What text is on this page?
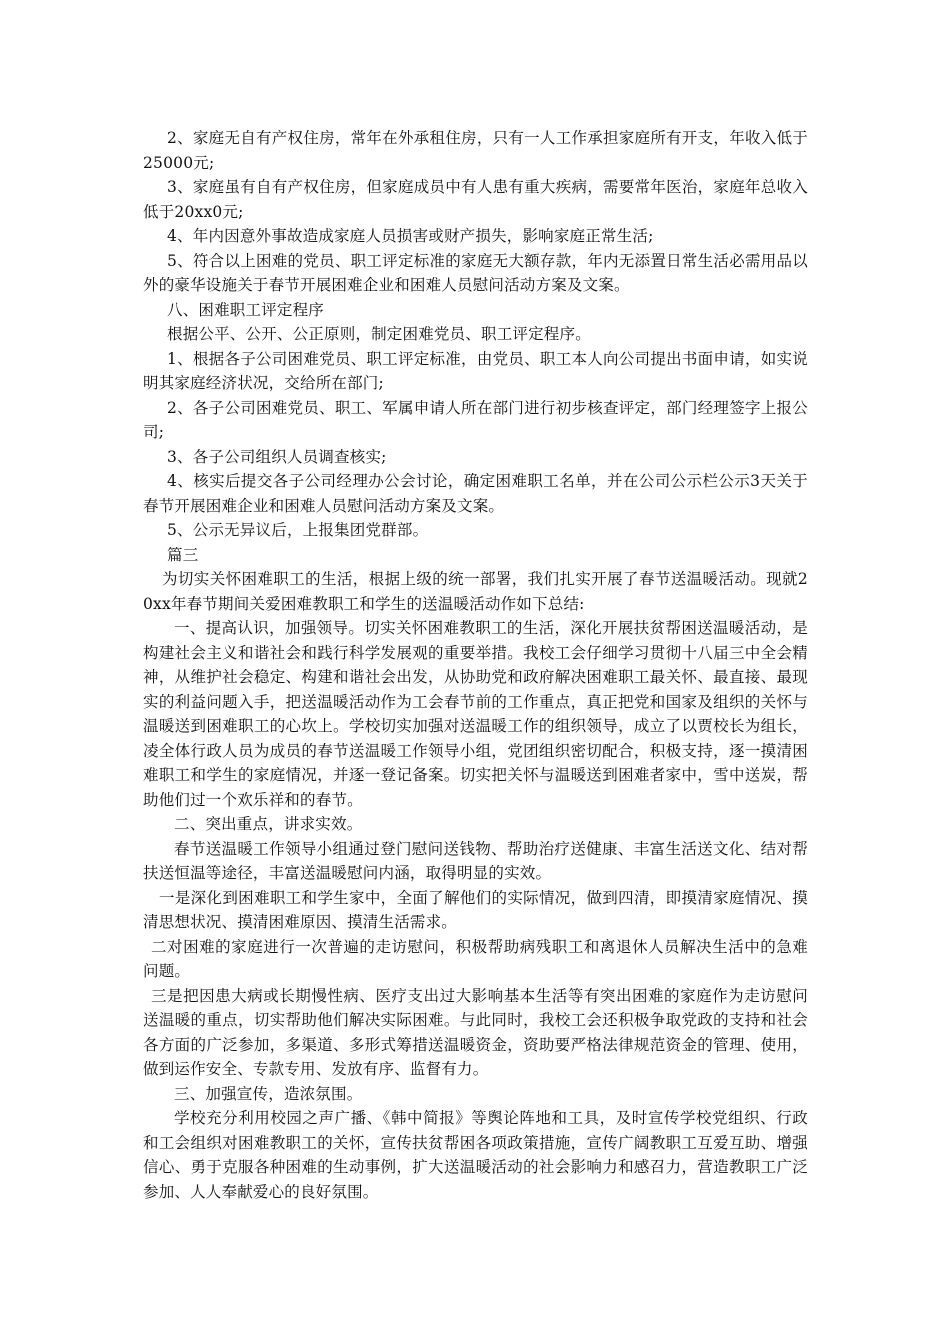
2、家庭无自有产权住房，常年在外承租住房，只有一人工作承担家庭所有开支，年收入低于25000元;

3、家庭虽有自有产权住房，但家庭成员中有人患有重大疾病，需要常年医治，家庭年总收入低于20xx0元;

4、年内因意外事故造成家庭人员损害或财产损失，影响家庭正常生活;

5、符合以上困难的党员、职工评定标准的家庭无大额存款，年内无添置日常生活必需用品以外的豪华设施关于春节开展困难企业和困难人员慰问活动方案及文案。

八、困难职工评定程序

根据公平、公开、公正原则，制定困难党员、职工评定程序。

1、根据各子公司困难党员、职工评定标准，由党员、职工本人向公司提出书面申请，如实说明其家庭经济状况，交给所在部门;

2、各子公司困难党员、职工、军属申请人所在部门进行初步核查评定，部门经理签字上报公司;

3、各子公司组织人员调查核实;

4、核实后提交各子公司经理办公会讨论，确定困难职工名单，并在公司公示栏公示3天关于春节开展困难企业和困难人员慰问活动方案及文案。

5、公示无异议后，上报集团党群部。

篇三

为切实关怀困难职工的生活，根据上级的统一部署，我们扎实开展了春节送温暖活动。现就20xx年春节期间关爱困难教职工和学生的送温暖活动作如下总结:

一、提高认识，加强领导。切实关怀困难教职工的生活，深化开展扶贫帮困送温暖活动，是构建社会主义和谐社会和践行科学发展观的重要举措。我校工会仔细学习贯彻十八届三中全会精神，从维护社会稳定、构建和谐社会出发，从协助党和政府解决困难职工最关怀、最直接、最现实的利益问题入手，把送温暖活动作为工会春节前的工作重点，真正把党和国家及组织的关怀与温暖送到困难职工的心坎上。学校切实加强对送温暖工作的组织领导，成立了以贾校长为组长，凌全体行政人员为成员的春节送温暖工作领导小组，党团组织密切配合，积极支持，逐一摸清困难职工和学生的家庭情况，并逐一登记备案。切实把关怀与温暖送到困难者家中，雪中送炭，帮助他们过一个欢乐祥和的春节。

二、突出重点，讲求实效。

春节送温暖工作领导小组通过登门慰问送钱物、帮助治疗送健康、丰富生活送文化、结对帮扶送恒温等途径，丰富送温暖慰问内涵，取得明显的实效。

一是深化到困难职工和学生家中，全面了解他们的实际情况，做到四清，即摸清家庭情况、摸清思想状况、摸清困难原因、摸清生活需求。

二对困难的家庭进行一次普遍的走访慰问，积极帮助病残职工和离退休人员解决生活中的急难问题。

三是把因患大病或长期慢性病、医疗支出过大影响基本生活等有突出困难的家庭作为走访慰问送温暖的重点，切实帮助他们解决实际困难。与此同时，我校工会还积极争取党政的支持和社会各方面的广泛参加，多渠道、多形式筹措送温暖资金，资助要严格法律规范资金的管理、使用，做到运作安全、专款专用、发放有序、监督有力。

三、加强宣传，造浓氛围。

学校充分利用校园之声广播、《韩中简报》等舆论阵地和工具，及时宣传学校党组织、行政和工会组织对困难教职工的关怀，宣传扶贫帮困各项政策措施，宣传广阔教职工互爱互助、增强信心、勇于克服各种困难的生动事例，扩大送温暖活动的社会影响力和感召力，营造教职工广泛参加、人人奉献爱心的良好氛围。
